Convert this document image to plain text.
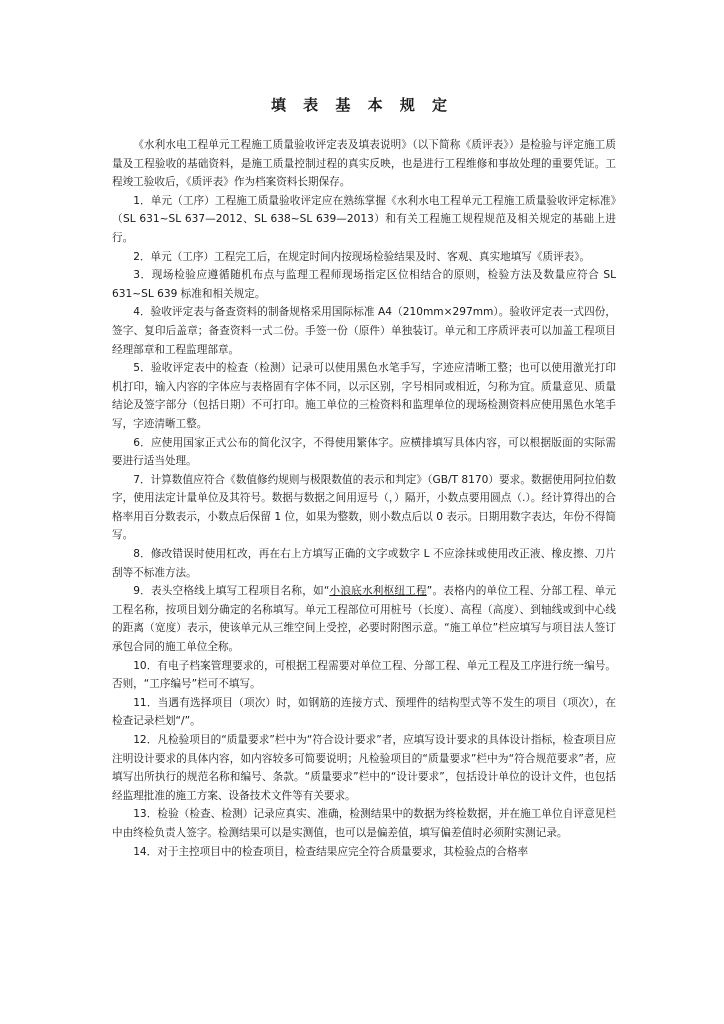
填 表 基 本 规 定

《水利水电工程单元工程施工质量验收评定表及填表说明》（以下简称《质评表》）是检验与评定施工质量及工程验收的基础资料，是施工质量控制过程的真实反映，也是进行工程维修和事故处理的重要凭证。工程竣工验收后，《质评表》作为档案资料长期保存。

1．单元（工序）工程施工质量验收评定应在熟练掌握《水利水电工程单元工程施工质量验收评定标准》（SL 631~SL 637—2012、SL 638~SL 639—2013）和有关工程施工规程规范及相关规定的基础上进行。

2．单元（工序）工程完工后，在规定时间内按现场检验结果及时、客观、真实地填写《质评表》。

3．现场检验应遵循随机布点与监理工程师现场指定区位相结合的原则，检验方法及数量应符合 SL 631~SL 639 标准和相关规定。

4．验收评定表与备查资料的制备规格采用国际标准 A4（210mm×297mm）。验收评定表一式四份，签字、复印后盖章；备查资料一式二份。手签一份（原件）单独装订。单元和工序质评表可以加盖工程项目经理部章和工程监理部章。

5．验收评定表中的检查（检测）记录可以使用黑色水笔手写，字迹应清晰工整；也可以使用激光打印机打印，输入内容的字体应与表格固有字体不同，以示区别，字号相同或相近，匀称为宜。质量意见、质量结论及签字部分（包括日期）不可打印。施工单位的三检资料和监理单位的现场检测资料应使用黑色水笔手写，字迹清晰工整。

6．应使用国家正式公布的简化汉字，不得使用繁体字。应横排填写具体内容，可以根据版面的实际需要进行适当处理。

7．计算数值应符合《数值修约规则与极限数值的表示和判定》（GB/T 8170）要求。数据使用阿拉伯数字，使用法定计量单位及其符号。数据与数据之间用逗号（，）隔开，小数点要用圆点（.）。经计算得出的合格率用百分数表示，小数点后保留 1 位，如果为整数，则小数点后以 0 表示。日期用数字表达，年份不得简写。

8．修改错误时使用杠改，再在右上方填写正确的文字或数字 L 不应涂抹或使用改正液、橡皮擦、刀片刮等不标准方法。

9．表头空格线上填写工程项目名称，如“小浪底水利枢纽工程”。表格内的单位工程、分部工程、单元工程名称，按项目划分确定的名称填写。单元工程部位可用桩号（长度）、高程（高度）、到轴线或到中心线的距离（宽度）表示，使该单元从三维空间上受控，必要时附图示意。“施工单位”栏应填写与项目法人签订承包合同的施工单位全称。

10．有电子档案管理要求的，可根据工程需要对单位工程、分部工程、单元工程及工序进行统一编号。否则，“工序编号”栏可不填写。

11．当遇有选择项目（项次）时，如钢筋的连接方式、预埋件的结构型式等不发生的项目（项次），在检查记录栏划“/”。

12．凡检验项目的“质量要求”栏中为“符合设计要求”者，应填写设计要求的具体设计指标，检查项目应注明设计要求的具体内容，如内容较多可简要说明；凡检验项目的“质量要求”栏中为“符合规范要求”者，应填写出所执行的规范名称和编号、条款。“质量要求”栏中的“设计要求”，包括设计单位的设计文件，也包括经监理批准的施工方案、设备技术文件等有关要求。

13．检验（检查、检测）记录应真实、准确，检测结果中的数据为终检数据，并在施工单位自评意见栏中由终检负责人签字。检测结果可以是实测值，也可以是偏差值，填写偏差值时必须附实测记录。

14．对于主控项目中的检查项目，检查结果应完全符合质量要求，其检验点的合格率
